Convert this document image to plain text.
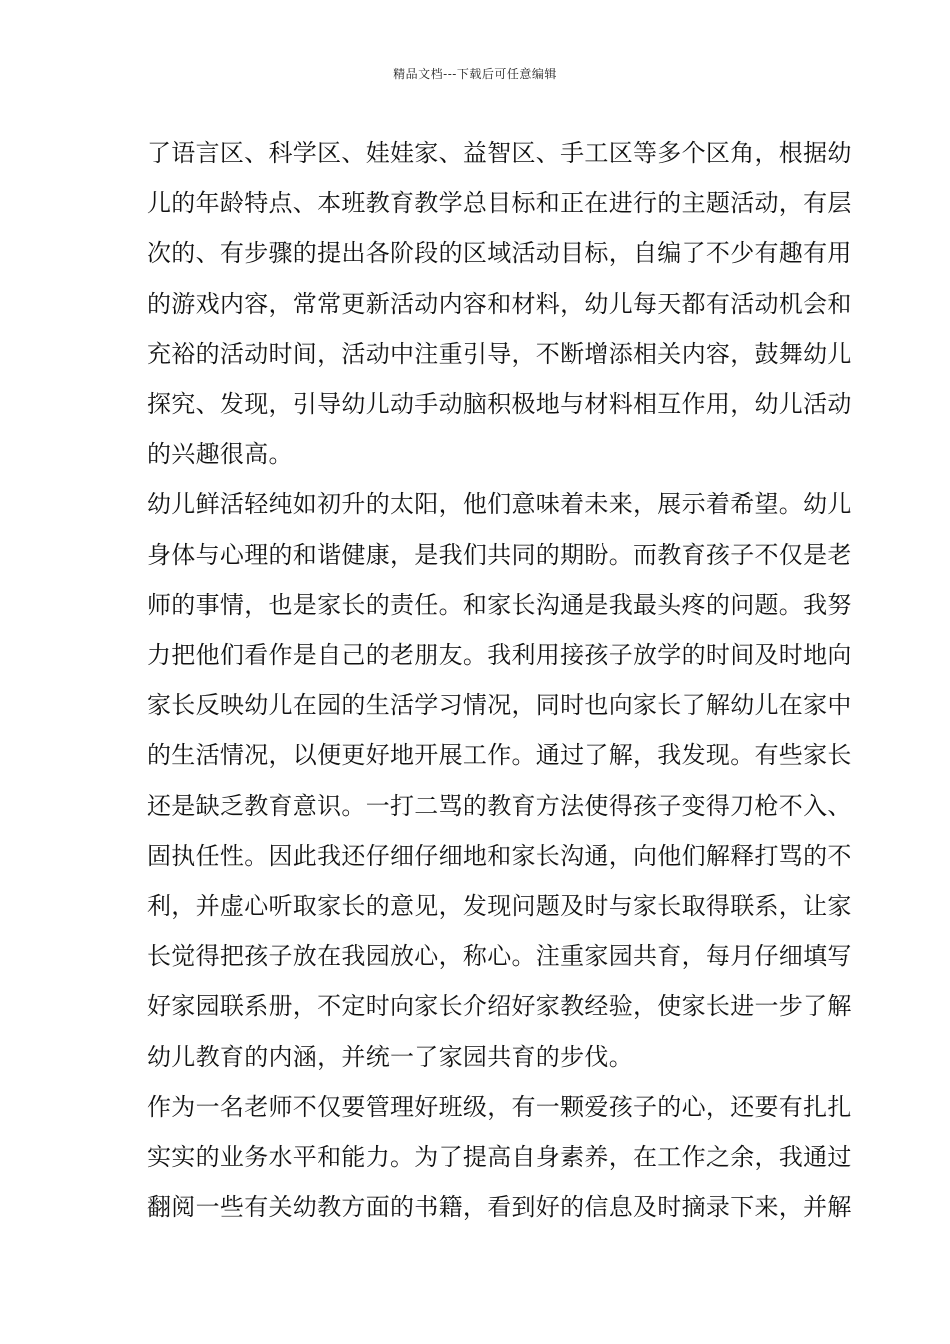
精品文档---下载后可任意编辑
了语言区、科学区、娃娃家、益智区、手工区等多个区角，根据幼
儿的年龄特点、本班教育教学总目标和正在进行的主题活动，有层
次的、有步骤的提出各阶段的区域活动目标，自编了不少有趣有用
的游戏内容，常常更新活动内容和材料，幼儿每天都有活动机会和
充裕的活动时间，活动中注重引导，不断增添相关内容，鼓舞幼儿
探究、发现，引导幼儿动手动脑积极地与材料相互作用，幼儿活动
的兴趣很高。
幼儿鲜活轻纯如初升的太阳，他们意味着未来，展示着希望。幼儿
身体与心理的和谐健康，是我们共同的期盼。而教育孩子不仅是老
师的事情，也是家长的责任。和家长沟通是我最头疼的问题。我努
力把他们看作是自己的老朋友。我利用接孩子放学的时间及时地向
家长反映幼儿在园的生活学习情况，同时也向家长了解幼儿在家中
的生活情况，以便更好地开展工作。通过了解，我发现。有些家长
还是缺乏教育意识。一打二骂的教育方法使得孩子变得刀枪不入、
固执任性。因此我还仔细仔细地和家长沟通，向他们解释打骂的不
利，并虚心听取家长的意见，发现问题及时与家长取得联系，让家
长觉得把孩子放在我园放心，称心。注重家园共育，每月仔细填写
好家园联系册，不定时向家长介绍好家教经验，使家长进一步了解
幼儿教育的内涵，并统一了家园共育的步伐。
作为一名老师不仅要管理好班级，有一颗爱孩子的心，还要有扎扎
实实的业务水平和能力。为了提高自身素养，在工作之余，我通过
翻阅一些有关幼教方面的书籍，看到好的信息及时摘录下来，并解
